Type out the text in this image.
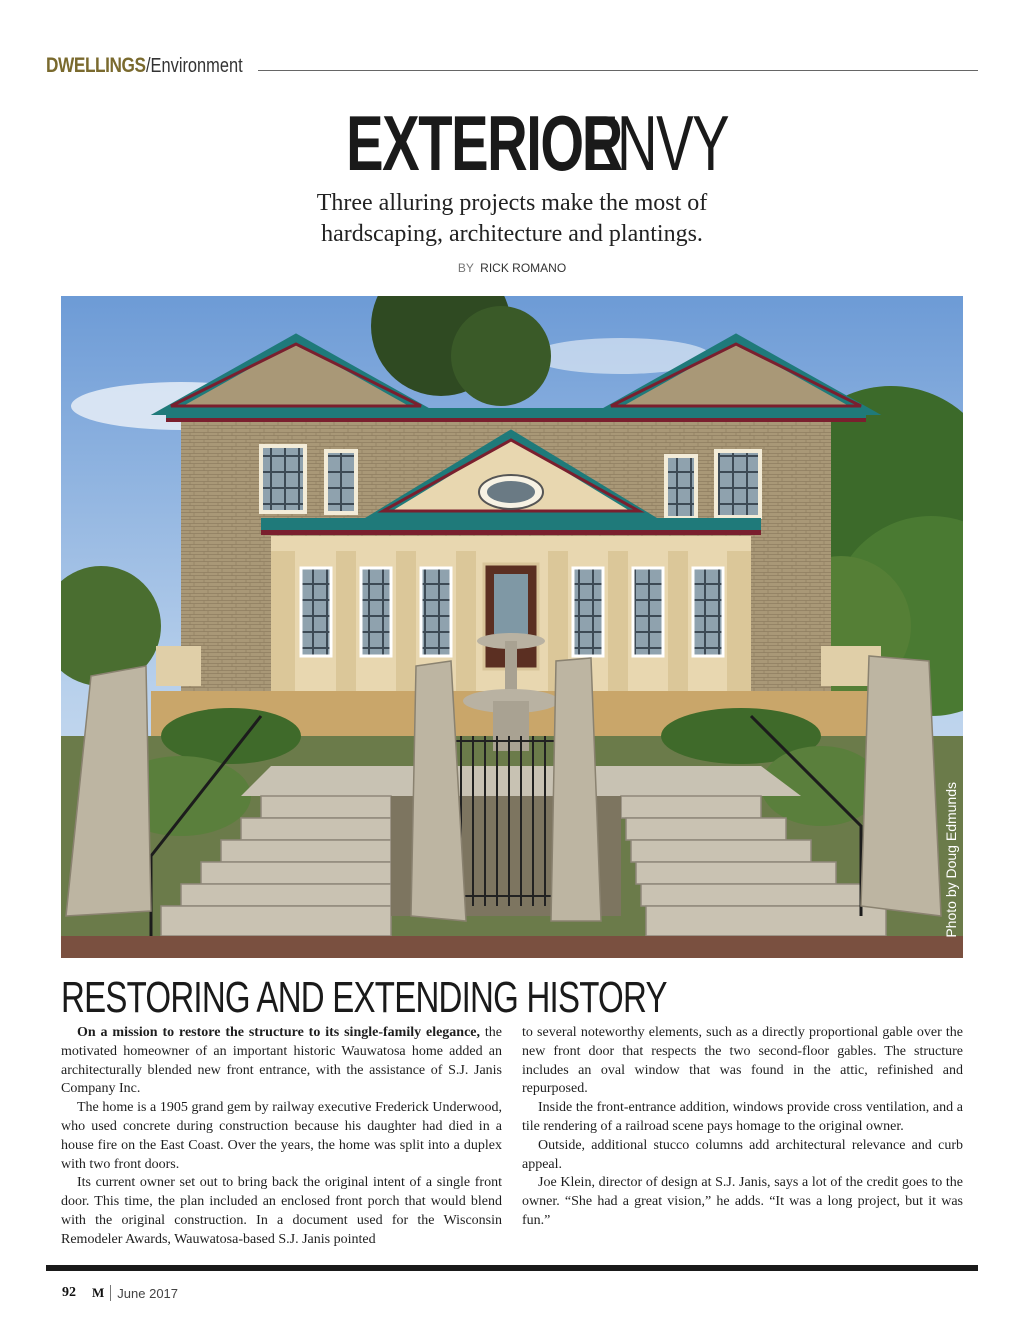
DWELLINGS /Environment
EXTERIOR ENVY
Three alluring projects make the most of
hardscaping, architecture and plantings.
BY RICK ROMANO
Photo by Doug Edmunds
RESTORING AND EXTENDING HISTORY

On a mission to restore the structure to its single-family elegance, the motivated homeowner of an important historic Wauwatosa home added an architecturally blended new front entrance, with the assistance of S.J. Janis Company Inc.

The home is a 1905 grand gem by railway executive Frederick Underwood, who used concrete during construction because his daughter had died in a house fire on the East Coast. Over the years, the home was split into a duplex with two front doors.

Its current owner set out to bring back the original intent of a single front door. This time, the plan included an enclosed front porch that would blend with the original construction. In a document used for the Wisconsin Remodeler Awards, Wauwatosa-based S.J. Janis pointed

to several noteworthy elements, such as a directly proportional gable over the new front door that respects the two second-floor gables. The structure includes an oval window that was found in the attic, refinished and repurposed.

Inside the front-entrance addition, windows provide cross ventilation, and a tile rendering of a railroad scene pays homage to the original owner.

Outside, additional stucco columns add architectural relevance and curb appeal.

Joe Klein, director of design at S.J. Janis, says a lot of the credit goes to the owner. “She had a great vision,” he adds. “It was a long project, but it was fun.”

92 M June 2017
